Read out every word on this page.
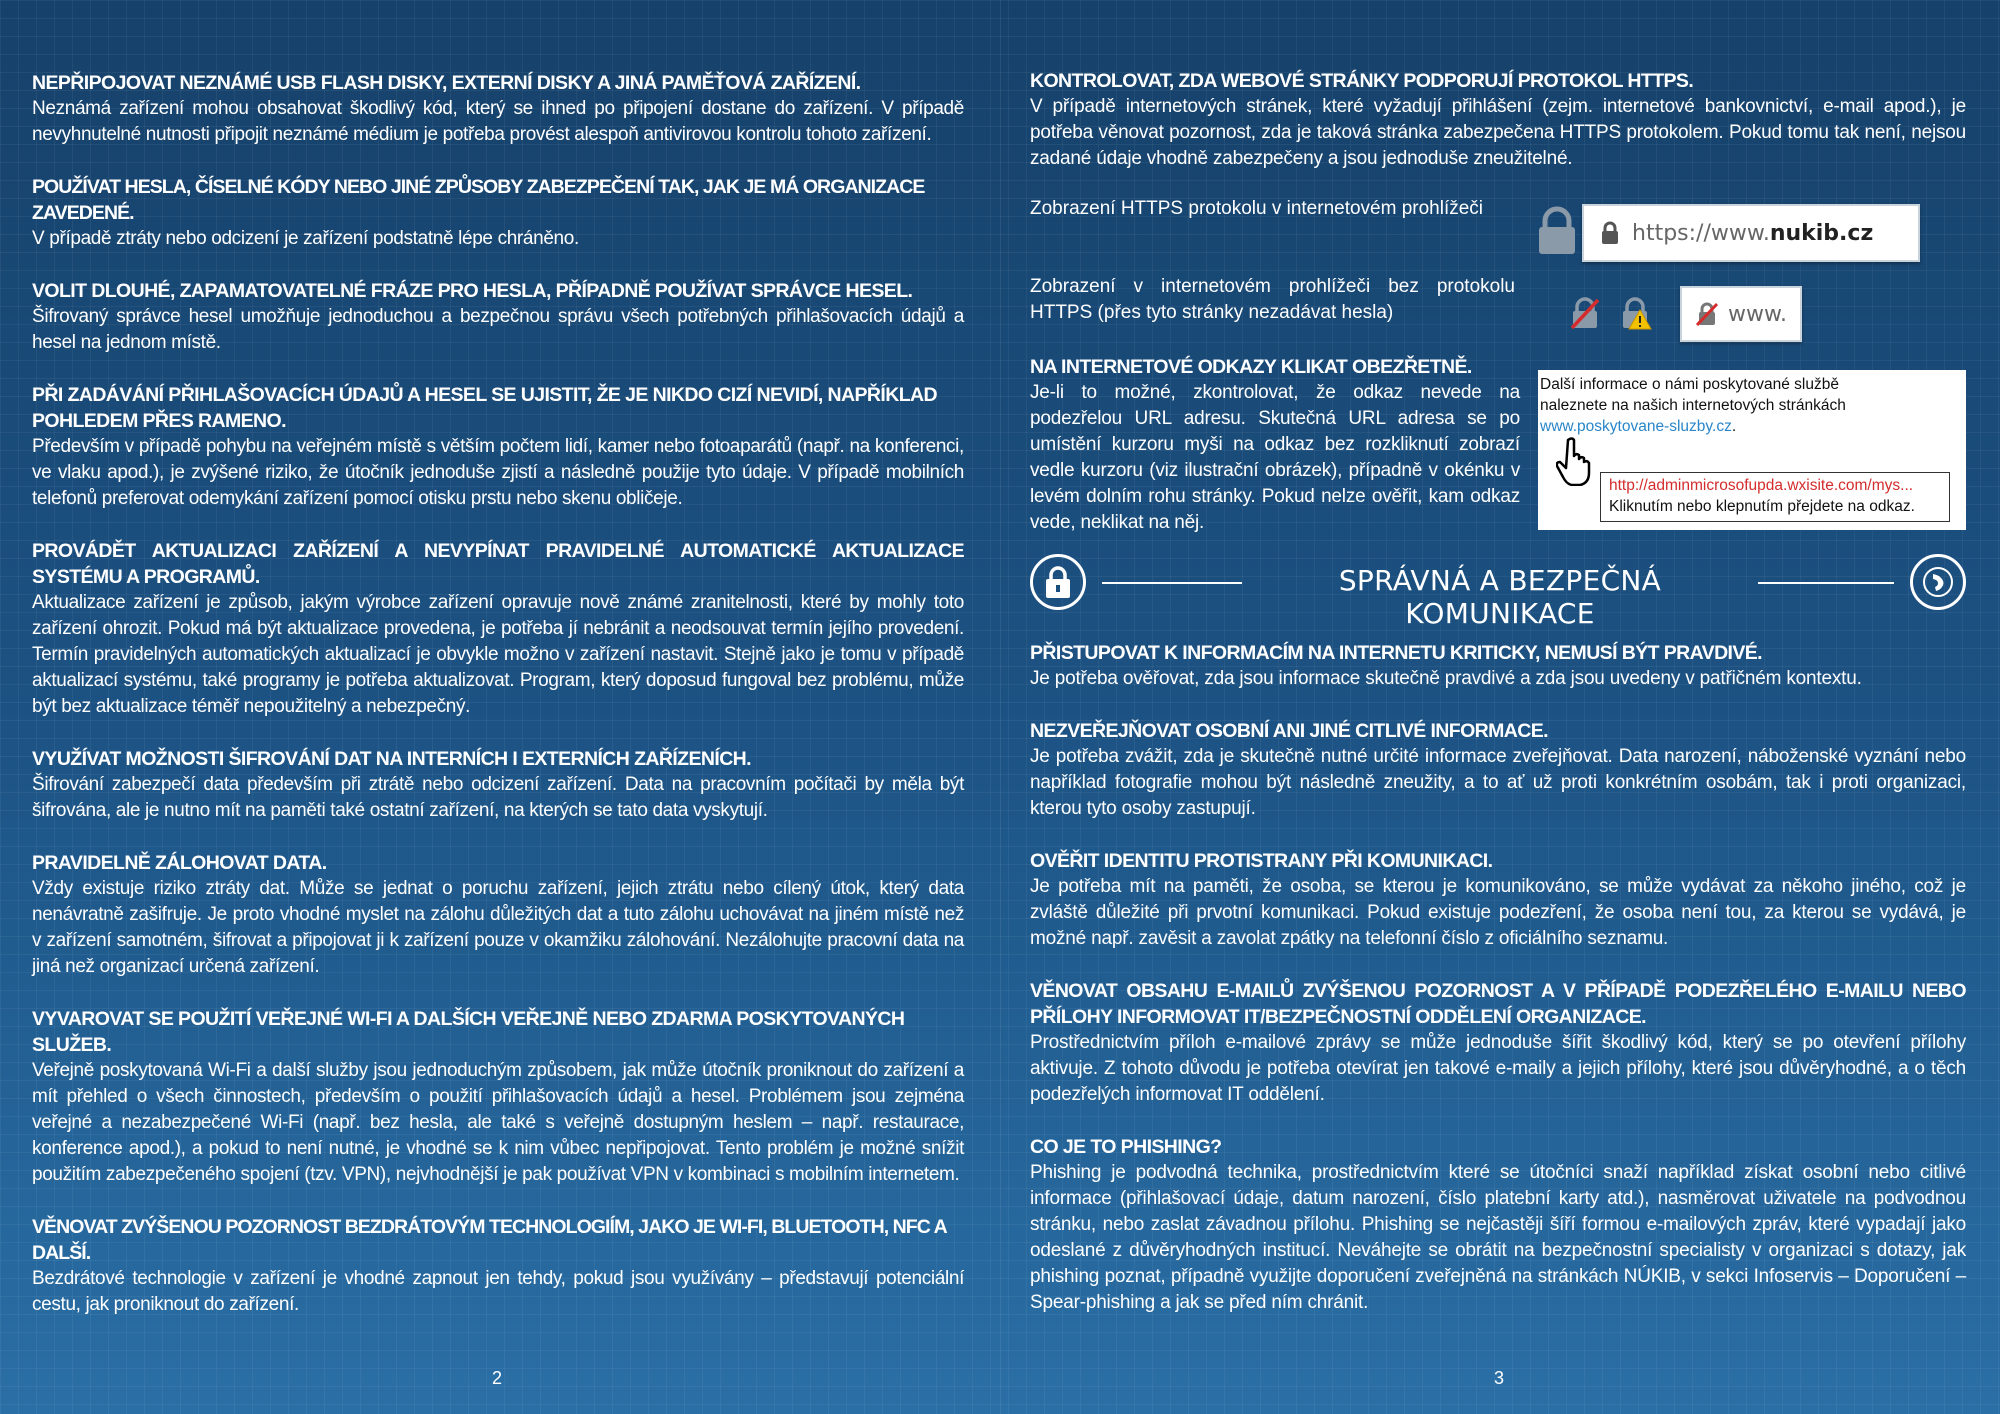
NEPŘIPOJOVAT NEZNÁMÉ USB FLASH DISKY, EXTERNÍ DISKY A JINÁ PAMĚŤOVÁ ZAŘÍZENÍ.
Neznámá zařízení mohou obsahovat škodlivý kód, který se ihned po připojení dostane do zařízení. V případě nevyhnutelné nutnosti připojit neznámé médium je potřeba provést alespoň antivirovou kontrolu tohoto zařízení.
POUŽÍVAT HESLA, ČÍSELNÉ KÓDY NEBO JINÉ ZPŮSOBY ZABEZPEČENÍ TAK, JAK JE MÁ ORGANIZACE ZAVEDENÉ.
V případě ztráty nebo odcizení je zařízení podstatně lépe chráněno.
VOLIT DLOUHÉ, ZAPAMATOVATELNÉ FRÁZE PRO HESLA, PŘÍPADNĚ POUŽÍVAT SPRÁVCE HESEL.
Šifrovaný správce hesel umožňuje jednoduchou a bezpečnou správu všech potřebných přihlašovacích údajů a hesel na jednom místě.
PŘI ZADÁVÁNÍ PŘIHLAŠOVACÍCH ÚDAJŮ A HESEL SE UJISTIT, ŽE JE NIKDO CIZÍ NEVIDÍ, NAPŘÍKLAD POHLEDEM PŘES RAMENO.
Především v případě pohybu na veřejném místě s větším počtem lidí, kamer nebo fotoaparátů (např. na konferenci, ve vlaku apod.), je zvýšené riziko, že útočník jednoduše zjistí a následně použije tyto údaje. V případě mobilních telefonů preferovat odemykání zařízení pomocí otisku prstu nebo skenu obličeje.
PROVÁDĚT AKTUALIZACI ZAŘÍZENÍ A NEVYPÍNAT PRAVIDELNÉ AUTOMATICKÉ AKTUALIZACE SYSTÉMU A PROGRAMŮ.
Aktualizace zařízení je způsob, jakým výrobce zařízení opravuje nově známé zranitelnosti, které by mohly toto zařízení ohrozit. Pokud má být aktualizace provedena, je potřeba jí nebránit a neodsouvat termín jejího provedení. Termín pravidelných automatických aktualizací je obvykle možno v zařízení nastavit. Stejně jako je tomu v případě aktualizací systému, také programy je potřeba aktualizovat. Program, který doposud fungoval bez problému, může být bez aktualizace téměř nepoužitelný a nebezpečný.
VYUŽÍVAT MOŽNOSTI ŠIFROVÁNÍ DAT NA INTERNÍCH I EXTERNÍCH ZAŘÍZENÍCH.
Šifrování zabezpečí data především při ztrátě nebo odcizení zařízení. Data na pracovním počítači by měla být šifrována, ale je nutno mít na paměti také ostatní zařízení, na kterých se tato data vyskytují.
PRAVIDELNĚ ZÁLOHOVAT DATA.
Vždy existuje riziko ztráty dat. Může se jednat o poruchu zařízení, jejich ztrátu nebo cílený útok, který data nenávratně zašifruje. Je proto vhodné myslet na zálohu důležitých dat a tuto zálohu uchovávat na jiném místě než v zařízení samotném, šifrovat a připojovat ji k zařízení pouze v okamžiku zálohování. Nezálohujte pracovní data na jiná než organizací určená zařízení.
VYVAROVAT SE POUŽITÍ VEŘEJNÉ WI-FI A DALŠÍCH VEŘEJNĚ NEBO ZDARMA POSKYTOVANÝCH SLUŽEB.
Veřejně poskytovaná Wi-Fi a další služby jsou jednoduchým způsobem, jak může útočník proniknout do zařízení a mít přehled o všech činnostech, především o použití přihlašovacích údajů a hesel. Problémem jsou zejména veřejné a nezabezpečené Wi-Fi (např. bez hesla, ale také s veřejně dostupným heslem – např. restaurace, konference apod.), a pokud to není nutné, je vhodné se k nim vůbec nepřipojovat. Tento problém je možné snížit použitím zabezpečeného spojení (tzv. VPN), nejvhodnější je pak používat VPN v kombinaci s mobilním internetem.
VĚNOVAT ZVÝŠENOU POZORNOST BEZDRÁTOVÝM TECHNOLOGIÍM, JAKO JE WI-FI, BLUETOOTH, NFC A DALŠÍ.
Bezdrátové technologie v zařízení je vhodné zapnout jen tehdy, pokud jsou využívány – představují potenciální cestu, jak proniknout do zařízení.
2
KONTROLOVAT, ZDA WEBOVÉ STRÁNKY PODPORUJÍ PROTOKOL HTTPS.
V případě internetových stránek, které vyžadují přihlášení (zejm. internetové bankovnictví, e-mail apod.), je potřeba věnovat pozornost, zda je taková stránka zabezpečena HTTPS protokolem. Pokud tomu tak není, nejsou zadané údaje vhodně zabezpečeny a jsou jednoduše zneužitelné.
Zobrazení HTTPS protokolu v internetovém prohlížeči
https://www.nukib.cz
Zobrazení v internetovém prohlížeči bez protokolu HTTPS (přes tyto stránky nezadávat hesla)	www.
NA INTERNETOVÉ ODKAZY KLIKAT OBEZŘETNĚ.
Je-li to možné, zkontrolovat, že odkaz nevede na podezřelou URL adresu. Skutečná URL adresa se po umístění kurzoru myši na odkaz bez rozkliknutí zobrazí vedle kurzoru (viz ilustrační obrázek), případně v okénku v levém dolním rohu stránky. Pokud nelze ověřit, kam odkaz vede, neklikat na něj.
Další informace o námi poskytované službě
naleznete na našich internetových stránkách
www.poskytovane-sluzby.cz.
http://adminmicrosofupda.wxisite.com/mys...
Kliknutím nebo klepnutím přejdete na odkaz.
SPRÁVNÁ A BEZPEČNÁ KOMUNIKACE
PŘISTUPOVAT K INFORMACÍM NA INTERNETU KRITICKY, NEMUSÍ BÝT PRAVDIVÉ.
Je potřeba ověřovat, zda jsou informace skutečně pravdivé a zda jsou uvedeny v patřičném kontextu.
NEZVEŘEJŇOVAT OSOBNÍ ANI JINÉ CITLIVÉ INFORMACE.
Je potřeba zvážit, zda je skutečně nutné určité informace zveřejňovat. Data narození, náboženské vyznání nebo například fotografie mohou být následně zneužity, a to ať už proti konkrétním osobám, tak i proti organizaci, kterou tyto osoby zastupují.
OVĚŘIT IDENTITU PROTISTRANY PŘI KOMUNIKACI.
Je potřeba mít na paměti, že osoba, se kterou je komunikováno, se může vydávat za někoho jiného, což je zvláště důležité při prvotní komunikaci. Pokud existuje podezření, že osoba není tou, za kterou se vydává, je možné např. zavěsit a zavolat zpátky na telefonní číslo z oficiálního seznamu.
VĚNOVAT OBSAHU E-MAILŮ ZVÝŠENOU POZORNOST A V PŘÍPADĚ PODEZŘELÉHO E-MAILU NEBO PŘÍLOHY INFORMOVAT IT/BEZPEČNOSTNÍ ODDĚLENÍ ORGANIZACE.
Prostřednictvím příloh e-mailové zprávy se může jednoduše šířit škodlivý kód, který se po otevření přílohy aktivuje. Z tohoto důvodu je potřeba otevírat jen takové e-maily a jejich přílohy, které jsou důvěryhodné, a o těch podezřelých informovat IT oddělení.
CO JE TO PHISHING?
Phishing je podvodná technika, prostřednictvím které se útočníci snaží například získat osobní nebo citlivé informace (přihlašovací údaje, datum narození, číslo platební karty atd.), nasměrovat uživatele na podvodnou stránku, nebo zaslat závadnou přílohu. Phishing se nejčastěji šíří formou e-mailových zpráv, které vypadají jako odeslané z důvěryhodných institucí. Neváhejte se obrátit na bezpečnostní specialisty v organizaci s dotazy, jak phishing poznat, případně využijte doporučení zveřejněná na stránkách NÚKIB, v sekci Infoservis – Doporučení – Spear-phishing a jak se před ním chránit.
3
